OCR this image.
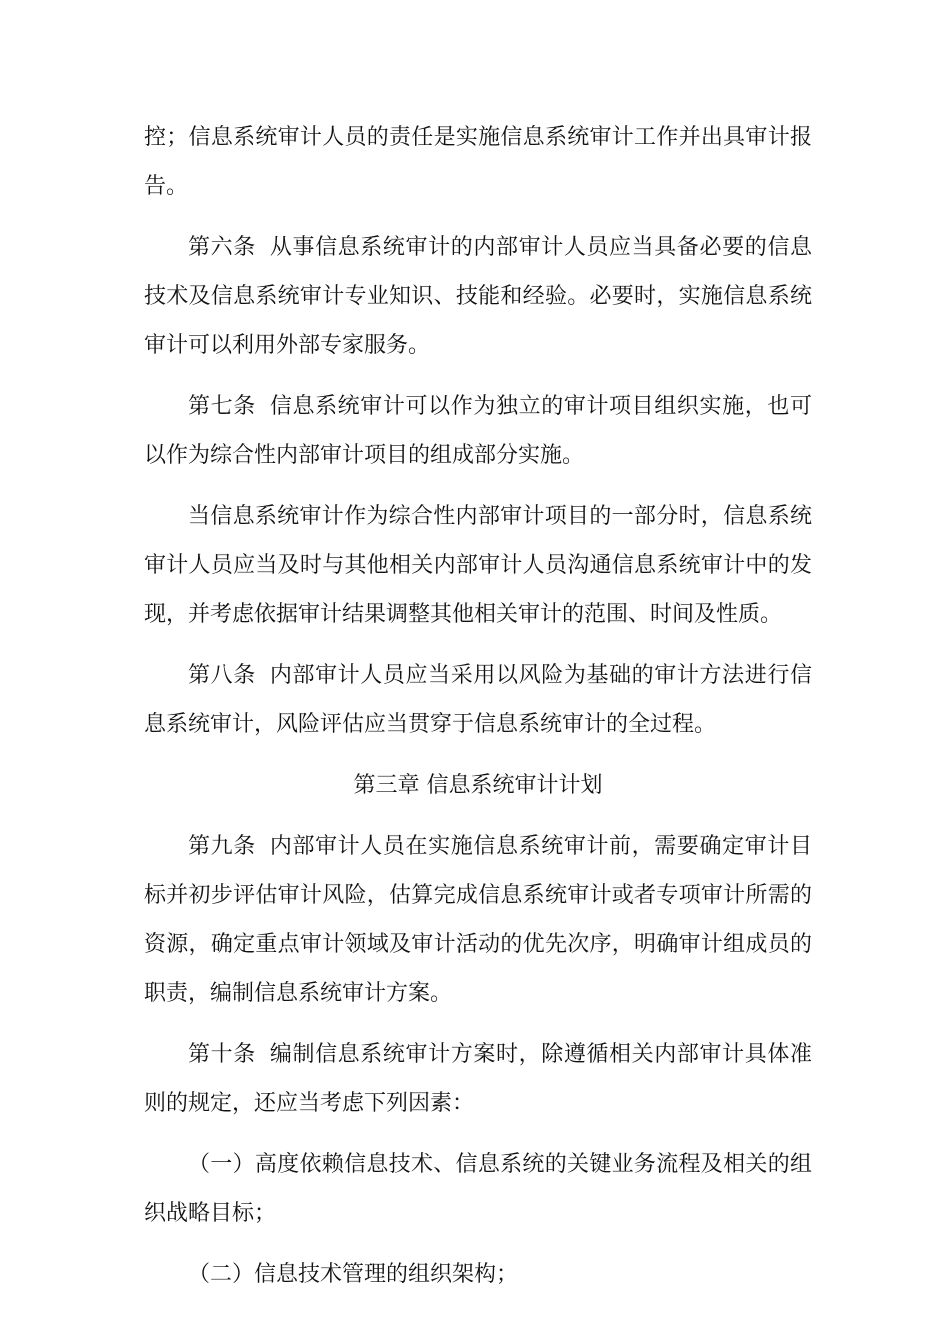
控；信息系统审计人员的责任是实施信息系统审计工作并出具审计报告。

第六条 从事信息系统审计的内部审计人员应当具备必要的信息技术及信息系统审计专业知识、技能和经验。必要时，实施信息系统审计可以利用外部专家服务。

第七条 信息系统审计可以作为独立的审计项目组织实施，也可以作为综合性内部审计项目的组成部分实施。

当信息系统审计作为综合性内部审计项目的一部分时，信息系统审计人员应当及时与其他相关内部审计人员沟通信息系统审计中的发现，并考虑依据审计结果调整其他相关审计的范围、时间及性质。

第八条 内部审计人员应当采用以风险为基础的审计方法进行信息系统审计，风险评估应当贯穿于信息系统审计的全过程。

第三章 信息系统审计计划

第九条 内部审计人员在实施信息系统审计前，需要确定审计目标并初步评估审计风险，估算完成信息系统审计或者专项审计所需的资源，确定重点审计领域及审计活动的优先次序，明确审计组成员的职责，编制信息系统审计方案。

第十条 编制信息系统审计方案时，除遵循相关内部审计具体准则的规定，还应当考虑下列因素：

（一）高度依赖信息技术、信息系统的关键业务流程及相关的组织战略目标；

（二）信息技术管理的组织架构；
